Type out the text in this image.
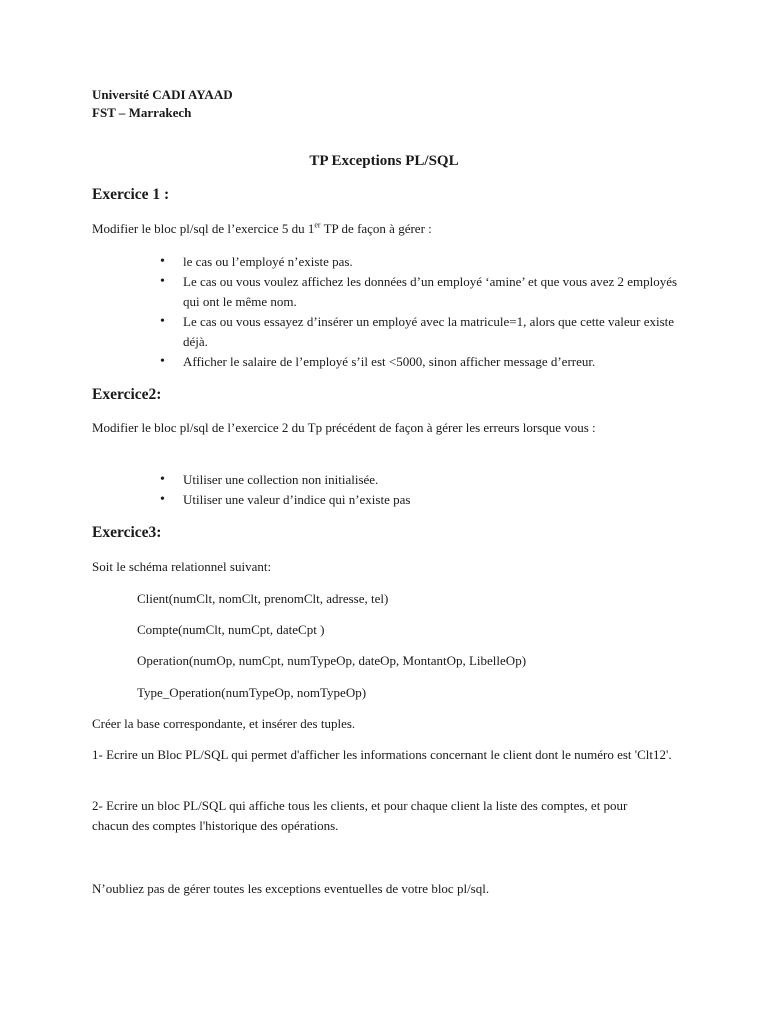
Université CADI AYAAD
FST – Marrakech
TP Exceptions PL/SQL
Exercice 1 :
Modifier le bloc pl/sql de l’exercice 5 du 1er TP de façon à gérer :
• le cas ou l’employé n’existe pas.
• Le cas ou vous voulez affichez les données d’un employé ‘amine’ et que vous avez 2 employés qui ont le même nom.
• Le cas ou vous essayez d’insérer un employé avec la matricule=1, alors que cette valeur existe déjà.
• Afficher le salaire de l’employé s’il est <5000, sinon afficher message d’erreur.
Exercice2:
Modifier le bloc pl/sql de l’exercice 2 du Tp précédent de façon à gérer les erreurs lorsque vous :
• Utiliser une collection non initialisée.
• Utiliser une valeur d’indice qui n’existe pas
Exercice3:
Soit le schéma relationnel suivant:
Client(numClt, nomClt, prenomClt, adresse, tel)
Compte(numClt, numCpt, dateCpt )
Operation(numOp, numCpt, numTypeOp, dateOp, MontantOp, LibelleOp)
Type_Operation(numTypeOp, nomTypeOp)
Créer la base correspondante, et insérer des tuples.
1- Ecrire un Bloc PL/SQL qui permet d'afficher les informations concernant le client dont le numéro est 'Clt12'.
2- Ecrire un bloc PL/SQL qui affiche tous les clients, et pour chaque client la liste des comptes, et pour chacun des comptes l'historique des opérations.
N’oubliez pas de gérer toutes les exceptions eventuelles de votre bloc pl/sql.
